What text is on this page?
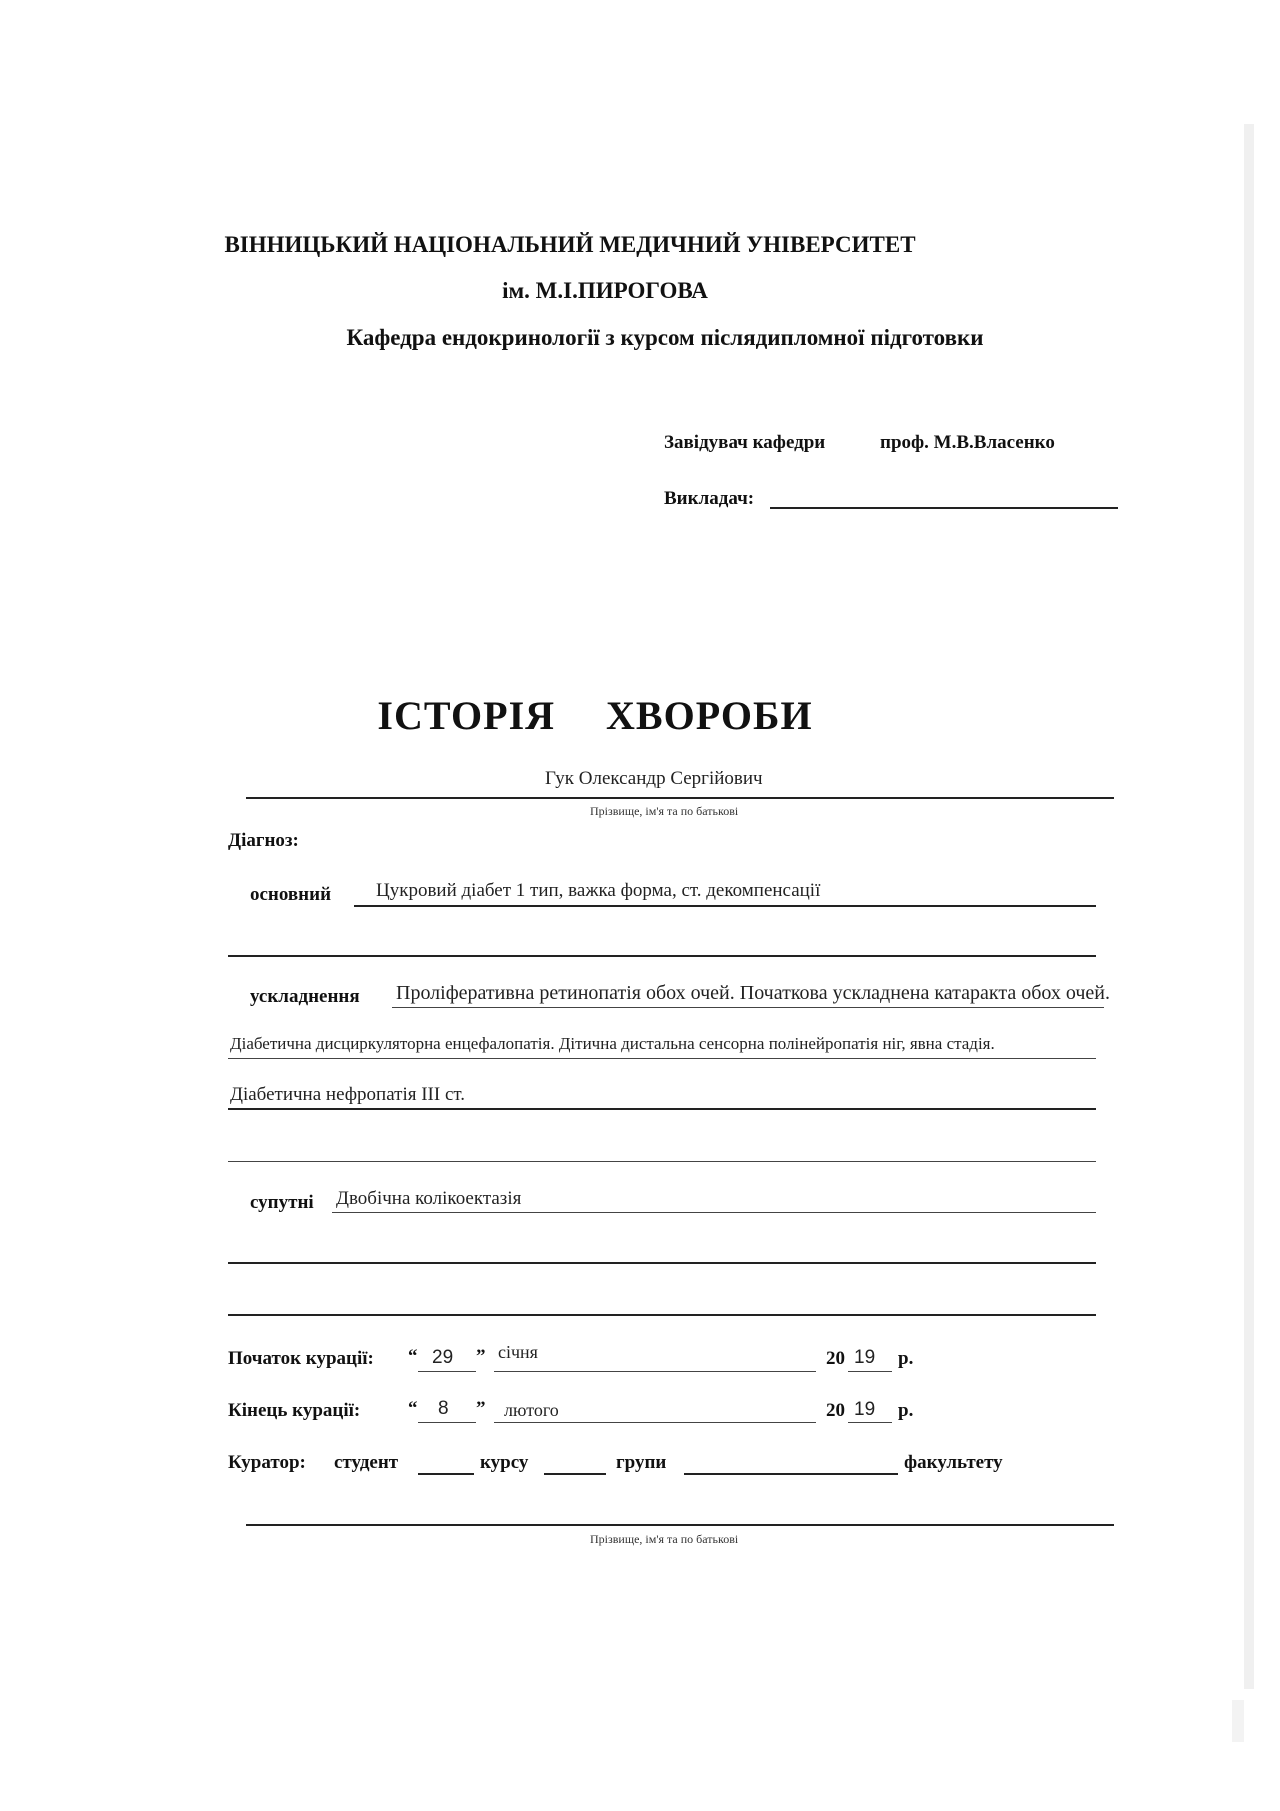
ВІННИЦЬКИЙ НАЦІОНАЛЬНИЙ МЕДИЧНИЙ УНІВЕРСИТЕТ
ім. М.І.ПИРОГОВА
Кафедра ендокринології з курсом післядипломної підготовки
Завідувач кафедри	проф. М.В.Власенко
Викладач:
ІСТОРІЯ ХВОРОБИ
Гук Олександр Сергійович
Прізвище, ім'я та по батькові
Діагноз:
основний Цукровий діабет 1 тип, важка форма, ст. декомпенсації
ускладнення Проліферативна ретинопатія обох очей. Початкова ускладнена катаракта обох очей.
Діабетична дисциркуляторна енцефалопатія. Дітична дистальна сенсорна полінейропатія ніг, явна стадія.
Діабетична нефропатія ІІІ ст.
супутні Двобічна колікоектазія
Початок курації: “ 29 ” січня	20 19 р.
Кінець курації:	“ 8 ” лютого	20 19 р.
Куратор: студент	курсу	групи	факультету
Прізвище, ім'я та по батькові
